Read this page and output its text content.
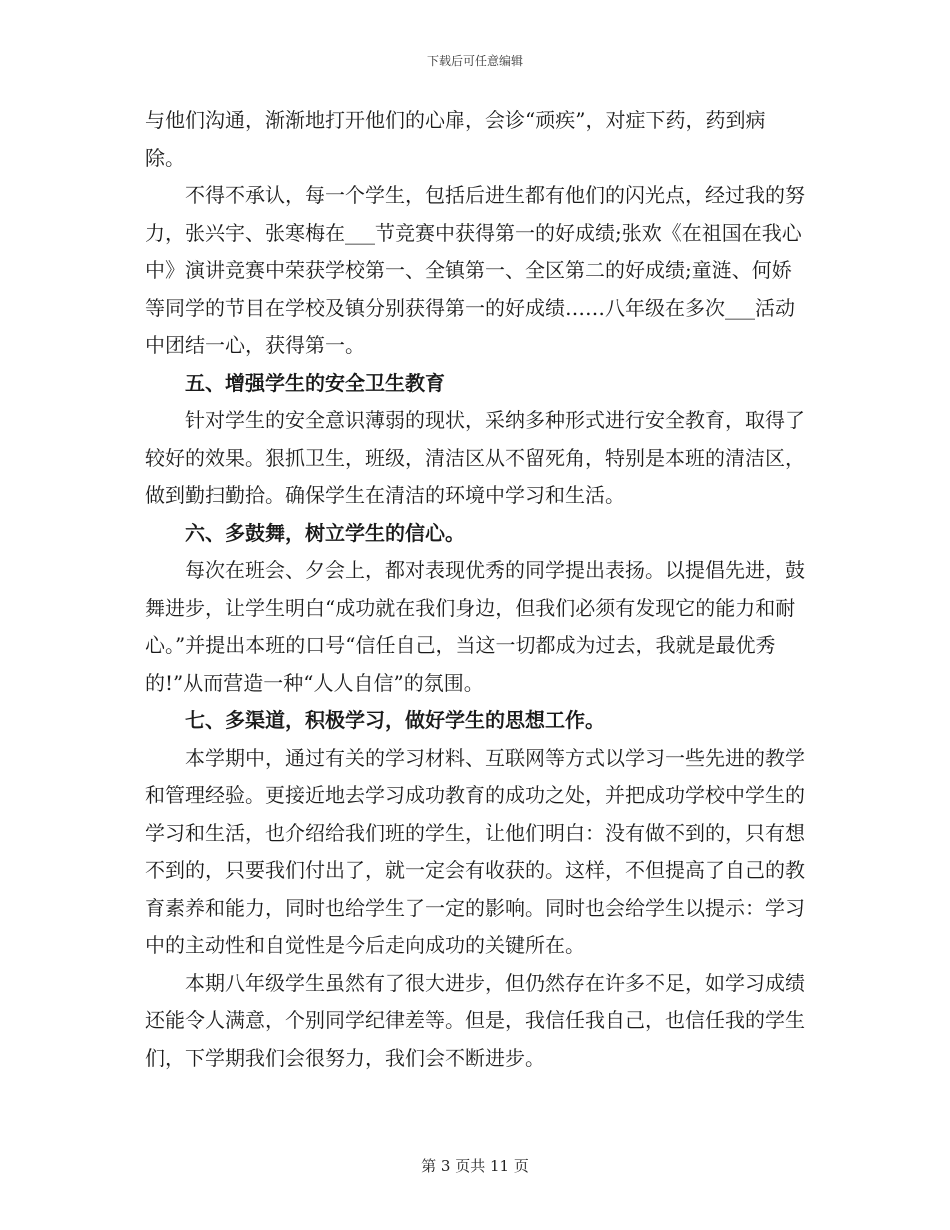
下载后可任意编辑

与他们沟通，渐渐地打开他们的心扉，会诊“顽疾”，对症下药，药到病除。

不得不承认，每一个学生，包括后进生都有他们的闪光点，经过我的努力，张兴宇、张寒梅在___节竞赛中获得第一的好成绩;张欢《在祖国在我心中》演讲竞赛中荣获学校第一、全镇第一、全区第二的好成绩;童涟、何娇等同学的节目在学校及镇分别获得第一的好成绩……八年级在多次___活动中团结一心，获得第一。

五、增强学生的安全卫生教育

针对学生的安全意识薄弱的现状，采纳多种形式进行安全教育，取得了较好的效果。狠抓卫生，班级，清洁区从不留死角，特别是本班的清洁区，做到勤扫勤拾。确保学生在清洁的环境中学习和生活。

六、多鼓舞，树立学生的信心。

每次在班会、夕会上，都对表现优秀的同学提出表扬。以提倡先进，鼓舞进步，让学生明白“成功就在我们身边，但我们必须有发现它的能力和耐心。”并提出本班的口号“信任自己，当这一切都成为过去，我就是最优秀的!”从而营造一种“人人自信”的氛围。

七、多渠道，积极学习，做好学生的思想工作。

本学期中，通过有关的学习材料、互联网等方式以学习一些先进的教学和管理经验。更接近地去学习成功教育的成功之处，并把成功学校中学生的学习和生活，也介绍给我们班的学生，让他们明白：没有做不到的，只有想不到的，只要我们付出了，就一定会有收获的。这样，不但提高了自己的教育素养和能力，同时也给学生了一定的影响。同时也会给学生以提示：学习中的主动性和自觉性是今后走向成功的关键所在。

本期八年级学生虽然有了很大进步，但仍然存在许多不足，如学习成绩还能令人满意，个别同学纪律差等。但是，我信任我自己，也信任我的学生们，下学期我们会很努力，我们会不断进步。

第 3 页共 11 页
